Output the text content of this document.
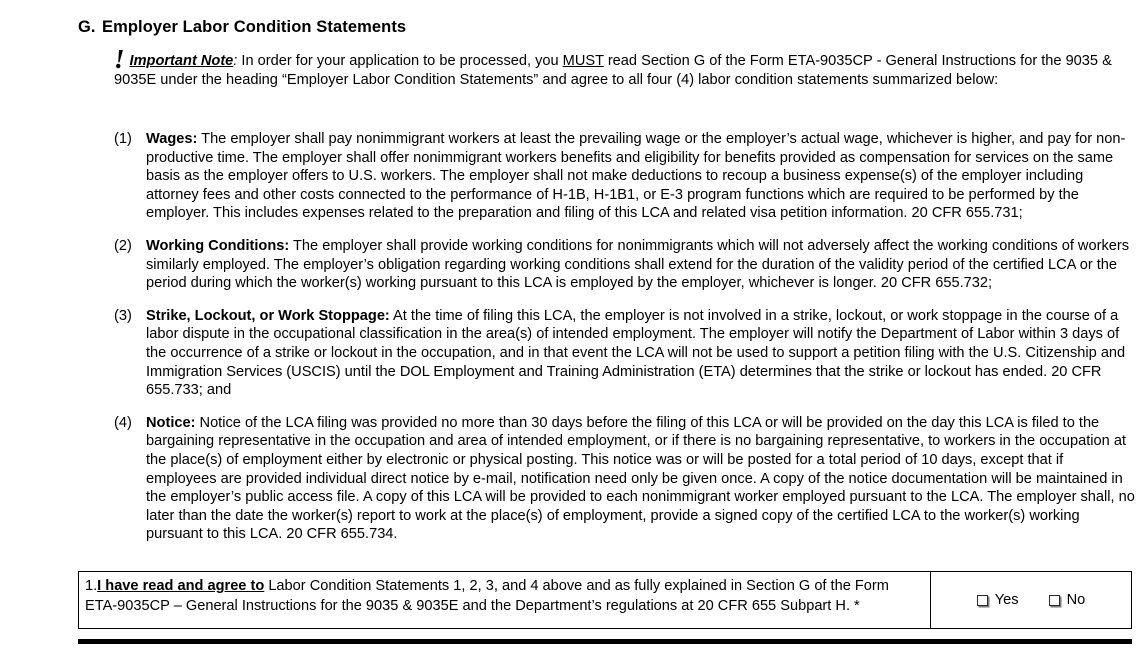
G. Employer Labor Condition Statements
! Important Note: In order for your application to be processed, you MUST read Section G of the Form ETA-9035CP - General Instructions for the 9035 & 9035E under the heading “Employer Labor Condition Statements” and agree to all four (4) labor condition statements summarized below:
(1) Wages: The employer shall pay nonimmigrant workers at least the prevailing wage or the employer’s actual wage, whichever is higher, and pay for non-productive time. The employer shall offer nonimmigrant workers benefits and eligibility for benefits provided as compensation for services on the same basis as the employer offers to U.S. workers. The employer shall not make deductions to recoup a business expense(s) of the employer including attorney fees and other costs connected to the performance of H-1B, H-1B1, or E-3 program functions which are required to be performed by the employer. This includes expenses related to the preparation and filing of this LCA and related visa petition information. 20 CFR 655.731;
(2) Working Conditions: The employer shall provide working conditions for nonimmigrants which will not adversely affect the working conditions of workers similarly employed. The employer’s obligation regarding working conditions shall extend for the duration of the validity period of the certified LCA or the period during which the worker(s) working pursuant to this LCA is employed by the employer, whichever is longer. 20 CFR 655.732;
(3) Strike, Lockout, or Work Stoppage: At the time of filing this LCA, the employer is not involved in a strike, lockout, or work stoppage in the course of a labor dispute in the occupational classification in the area(s) of intended employment. The employer will notify the Department of Labor within 3 days of the occurrence of a strike or lockout in the occupation, and in that event the LCA will not be used to support a petition filing with the U.S. Citizenship and Immigration Services (USCIS) until the DOL Employment and Training Administration (ETA) determines that the strike or lockout has ended. 20 CFR 655.733; and
(4) Notice: Notice of the LCA filing was provided no more than 30 days before the filing of this LCA or will be provided on the day this LCA is filed to the bargaining representative in the occupation and area of intended employment, or if there is no bargaining representative, to workers in the occupation at the place(s) of employment either by electronic or physical posting. This notice was or will be posted for a total period of 10 days, except that if employees are provided individual direct notice by e-mail, notification need only be given once. A copy of the notice documentation will be maintained in the employer’s public access file. A copy of this LCA will be provided to each nonimmigrant worker employed pursuant to the LCA. The employer shall, no later than the date the worker(s) report to work at the place(s) of employment, provide a signed copy of the certified LCA to the worker(s) working pursuant to this LCA. 20 CFR 655.734.
1.I have read and agree to Labor Condition Statements 1, 2, 3, and 4 above and as fully explained in Section G of the Form ETA-9035CP – General Instructions for the 9035 & 9035E and the Department’s regulations at 20 CFR 655 Subpart H. *	Yes	No
